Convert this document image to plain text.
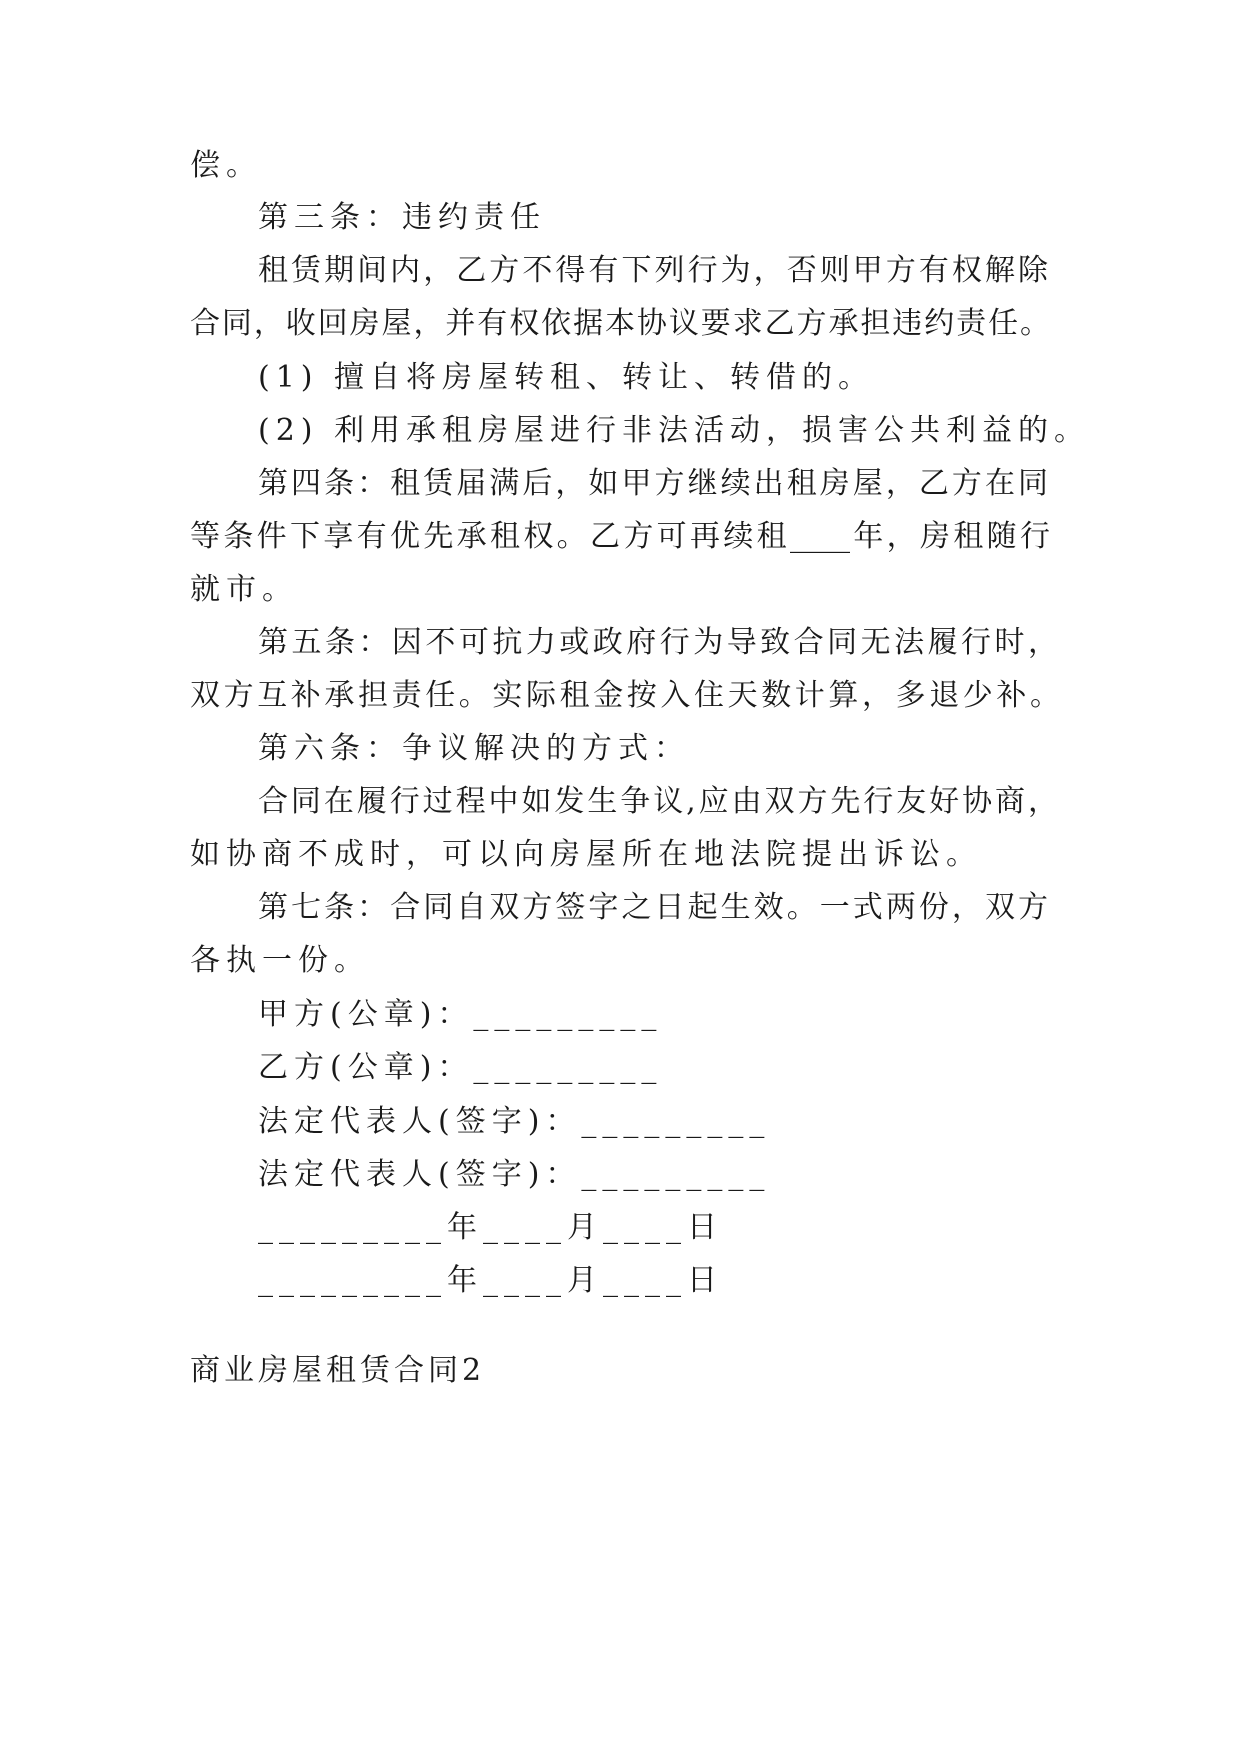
偿。
第三条：违约责任
租赁期间内，乙方不得有下列行为，否则甲方有权解除
合同，收回房屋，并有权依据本协议要求乙方承担违约责任。
(1) 擅自将房屋转租、转让、转借的。
(2) 利用承租房屋进行非法活动，损害公共利益的。
第四条：租赁届满后，如甲方继续出租房屋，乙方在同
等条件下享有优先承租权。乙方可再续租____年，房租随行
就市。
第五条：因不可抗力或政府行为导致合同无法履行时，
双方互补承担责任。实际租金按入住天数计算，多退少补。
第六条：争议解决的方式：
合同在履行过程中如发生争议,应由双方先行友好协商，
如协商不成时，可以向房屋所在地法院提出诉讼。
第七条：合同自双方签字之日起生效。一式两份，双方
各执一份。
甲方(公章)：_________
乙方(公章)：_________
法定代表人(签字)：_________
法定代表人(签字)：_________
_________年____月____日
_________年____月____日
商业房屋租赁合同2
